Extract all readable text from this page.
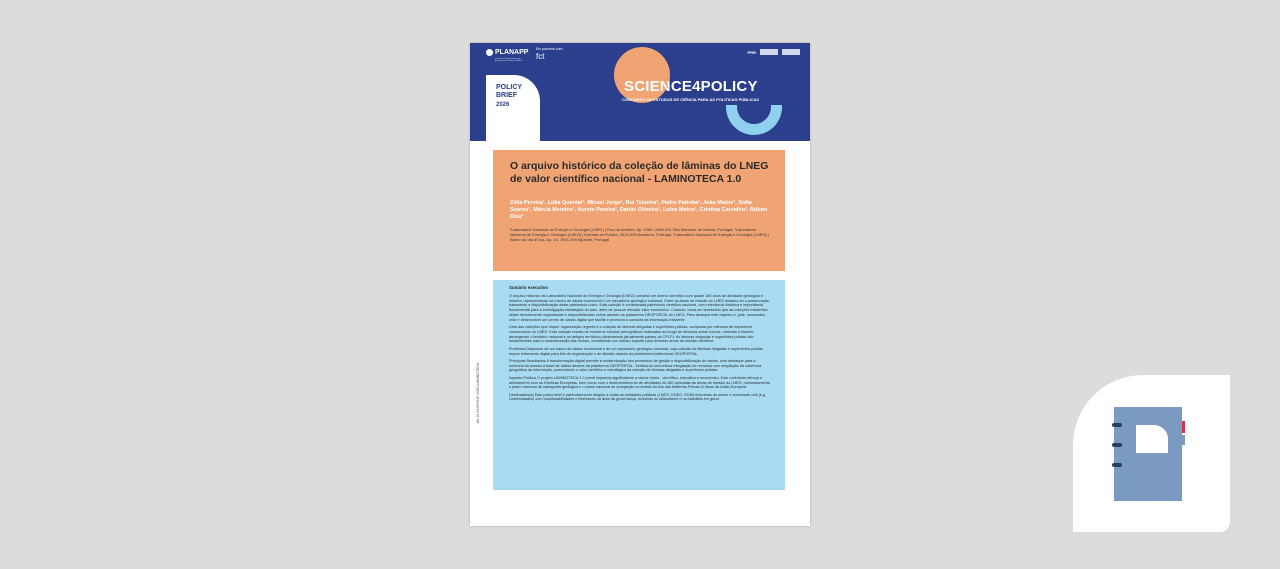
PLANAPP
Centro de Planeamento e de Avaliação de Políticas Públicas
Em parceria com:
fct	PRR
SCIENCE4POLICY
CONCURSO DE ESTUDOS DE CIÊNCIA PARA AS POLÍTICAS PÚBLICAS
POLICY
BRIEF
2026
O arquivo histórico da coleção de lâminas do LNEG de valor científico nacional - LAMINOTECA 1.0
Zélia Pereira¹, Lídia Quental², Micael Jorge², Rui Teixeira², Pedro Patinha³, João Matos³, Sofia Soares³, Márcia Mendes¹, Aurete Pereira¹, Daniel Oliveira¹, Luísa Matos¹, Cristina Carvalho³, Rúben Dias³
¹Laboratório Nacional de Energia e Geologia (LNEG) | Rua da Amieira, Ap. 1089, 4466-901 São Mamede de Infesta, Portugal; ²Laboratório Nacional de Energia e Geologia (LNEG) | Estrada da Portela, 2610-999 Amadora, Portugal; ³Laboratório Nacional de Energia e Geologia (LNEG) | Bairro da Val d'Oca, Ap. 14, 7601-909 Aljustrel, Portugal
doi:10.54499/S4P-2026-LAMINOTECA
Sumário executivo

O arquivo histórico do Laboratório Nacional de Energia e Geologia (LNEG) constitui um acervo científico com quase 180 anos de atividade geológica e mineira, representando um banco de dados excecional e um repositório geológico nacional. Entre as áreas de missão do LNEG destaca-se a preservação, tratamento e disponibilização deste património único. Esta coleção é considerada património científico nacional, com relevância histórica e importância fundamental para a investigação estratégica do país, além de possuir elevado valor económico. Contudo, torna-se necessário que as coleções existentes sejam devidamente organizadas e disponibilizadas online através da plataforma GEOPORTAL do LNEG. Para alcançar este objetivo é, pois, necessário criar e desenvolver um centro de dados digital que facilite e promova a consulta da informação existente.

Uma das coleções que requer organização urgente é a coleção de lâminas delgadas e superfícies polidas, composta por milhares de espécimes conservados no LNEG. Esta coleção resulta de inúmeros estudos petrográficos realizados ao longo de décadas sobre rochas, minerais e fósseis, abrangendo o território nacional e os antigos territórios ultramarinos (atualmente países da CPLP). As lâminas delgadas e superfícies polidas são fundamentais para a caracterização das rochas, constituindo um valioso suporte para diversas áreas da missão científica.

Problema Dispomos de um banco de dados excecional e de um repositório geológico nacional, cuja coleção de lâminas delgadas e superfícies polidas requer tratamento digital para fins de organização e de difusão através da plataforma institucional GEOPORTAL.

Principais Resultados A transformação digital permite a modernização dos processos de gestão e disponibilização de dados, com destaque para a melhoria do acesso à base de dados através da plataforma GEOPORTAL. Verifica-se uma eficaz integração de recursos com ampliação da cobertura geográfica da informação, potenciando o valor científico e estratégico da coleção de lâminas delgadas e superfícies polidas.

Impacto Político O projeto LAMINOTECA 1.0 prevê impactos significativos a vários níveis - científico, educativo e económico. Este contributo reforça o alinhamento com as Diretivas Europeias, bem como com o desenvolvimento de atividades de I&D aplicadas às áreas de missão do LNEG, nomeadamente o plano nacional de cartografia geológica e o plano nacional de prospeção no âmbito do Ato das Matérias-Primas Críticas da União Europeia.

Destinatário(s) Este policy brief é particularmente dirigido a todas as entidades públicas (LNEG, DGEG, EDM) empresas do sector e sociedade civil (e.g. Universidades) com responsabilidades e interesses na área da governança, incluindo os utilizadores e os cidadãos em geral.
